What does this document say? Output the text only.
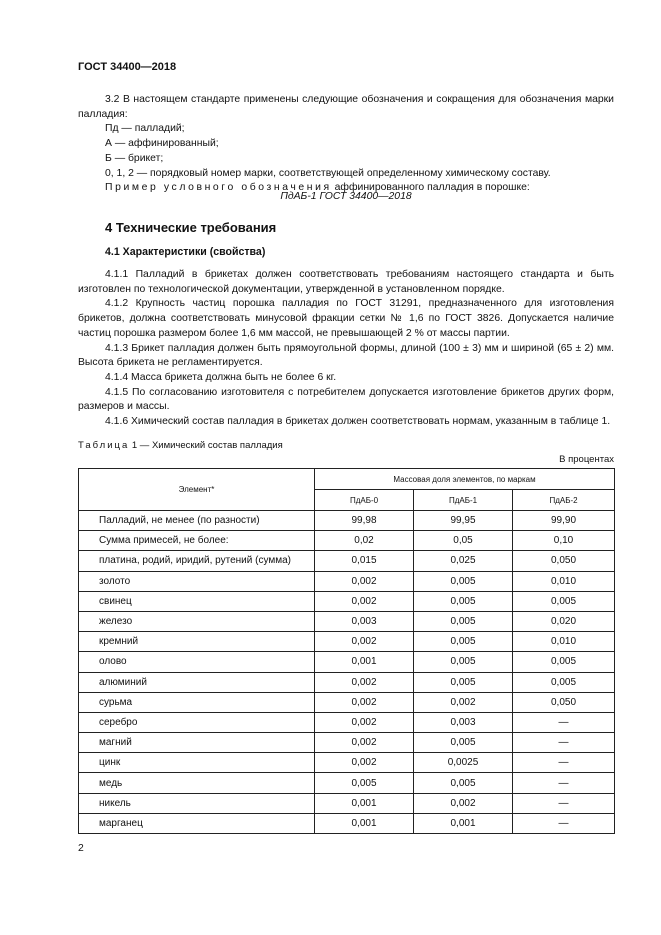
ГОСТ 34400—2018

3.2 В настоящем стандарте применены следующие обозначения и сокращения для обозначения марки палладия:

Пд — палладий;

А — аффинированный;

Б — брикет;

0, 1, 2 — порядковый номер марки, соответствующей определенному химическому составу.

Пример условного обозначения аффинированного палладия в порошке:

ПдАБ-1 ГОСТ 34400—2018
4 Технические требования
4.1 Характеристики (свойства)

4.1.1 Палладий в брикетах должен соответствовать требованиям настоящего стандарта и быть изготовлен по технологической документации, утвержденной в установленном порядке.

4.1.2 Крупность частиц порошка палладия по ГОСТ 31291, предназначенного для изготовления брикетов, должна соответствовать минусовой фракции сетки № 1,6 по ГОСТ 3826. Допускается наличие частиц порошка размером более 1,6 мм массой, не превышающей 2 % от массы партии.

4.1.3 Брикет палладия должен быть прямоугольной формы, длиной (100 ± 3) мм и шириной (65 ± 2) мм. Высота брикета не регламентируется.

4.1.4 Масса брикета должна быть не более 6 кг.

4.1.5 По согласованию изготовителя с потребителем допускается изготовление брикетов других форм, размеров и массы.

4.1.6 Химический состав палладия в брикетах должен соответствовать нормам, указанным в таблице 1.

Таблица 1 — Химический состав палладия
В процентах
Элемент*	Массовая доля элементов, по маркам		
	ПдАБ-0	ПдАБ-1	ПдАБ-2
Палладий, не менее (по разности)	99,98	99,95	99,90
Сумма примесей, не более:	0,02	0,05	0,10
платина, родий, иридий, рутений (сумма)	0,015	0,025	0,050
золото	0,002	0,005	0,010
свинец	0,002	0,005	0,005
железо	0,003	0,005	0,020
кремний	0,002	0,005	0,010
олово	0,001	0,005	0,005
алюминий	0,002	0,005	0,005
сурьма	0,002	0,002	0,050
серебро	0,002	0,003	—
магний	0,002	0,005	—
цинк	0,002	0,0025	—
медь	0,005	0,005	—
никель	0,001	0,002	—
марганец	0,001	0,001	—
2
